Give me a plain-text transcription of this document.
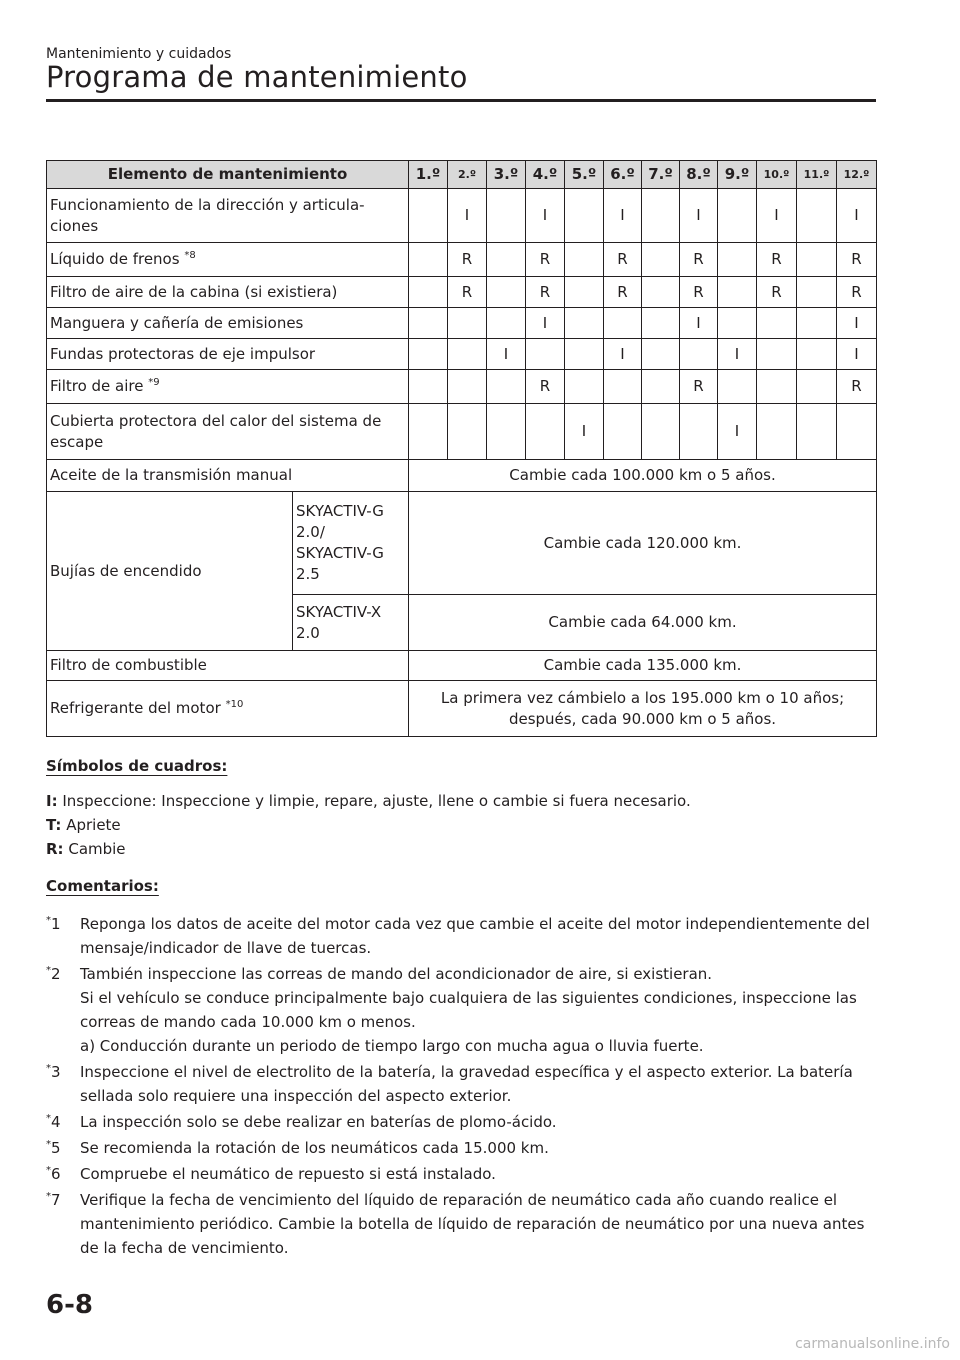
Mantenimiento y cuidados
Programa de mantenimiento
Elemento de mantenimiento		1.º	2.º	3.º	4.º	5.º	6.º	7.º	8.º	9.º	10.º	11.º	12.º
Funcionamiento de la dirección y articula-ciones			I		I		I		I		I		I
Líquido de frenos $^{*8}$			R		R		R		R		R		R
Filtro de aire de la cabina (si existiera)			R		R		R		R		R		R
Manguera y cañería de emisiones					I				I				I
Fundas protectoras de eje impulsor				I			I			I			I
Filtro de aire $^{*9}$					R				R				R
Cubierta protectora del calor del sistema de escape						I				I			
Aceite de la transmisión manual		Cambie cada 100.000 km o 5 años.											
Bujías de encendido	SKYACTIV-G 2.0/ SKYACTIV-G 2.5	Cambie cada 120.000 km.											
	SKYACTIV-X 2.0	Cambie cada 64.000 km.											
Filtro de combustible		Cambie cada 135.000 km.											
Refrigerante del motor $^{*10}$		La primera vez cámbielo a los 195.000 km o 10 años;
después, cada 90.000 km o 5 años.											
Símbolos de cuadros:
I: Inspeccione: Inspeccione y limpie, repare, ajuste, llene o cambie si fuera necesario.
T: Apriete
R: Cambie
Comentarios:
*1 Reponga los datos de aceite del motor cada vez que cambie el aceite del motor independientemente del mensaje/indicador de llave de tuercas.

*2 También inspeccione las correas de mando del acondicionador de aire, si existieran.

Si el vehículo se conduce principalmente bajo cualquiera de las siguientes condiciones, inspeccione las correas de mando cada 10.000 km o menos.

a) Conducción durante un periodo de tiempo largo con mucha agua o lluvia fuerte.

*3 Inspeccione el nivel de electrolito de la batería, la gravedad específica y el aspecto exterior. La batería sellada solo requiere una inspección del aspecto exterior.

*4 La inspección solo se debe realizar en baterías de plomo-ácido.

*5 Se recomienda la rotación de los neumáticos cada 15.000 km.

*6 Compruebe el neumático de repuesto si está instalado.

*7 Verifique la fecha de vencimiento del líquido de reparación de neumático cada año cuando realice el mantenimiento periódico. Cambie la botella de líquido de reparación de neumático por una nueva antes de la fecha de vencimiento.

6-8
carmanualsonline.info
